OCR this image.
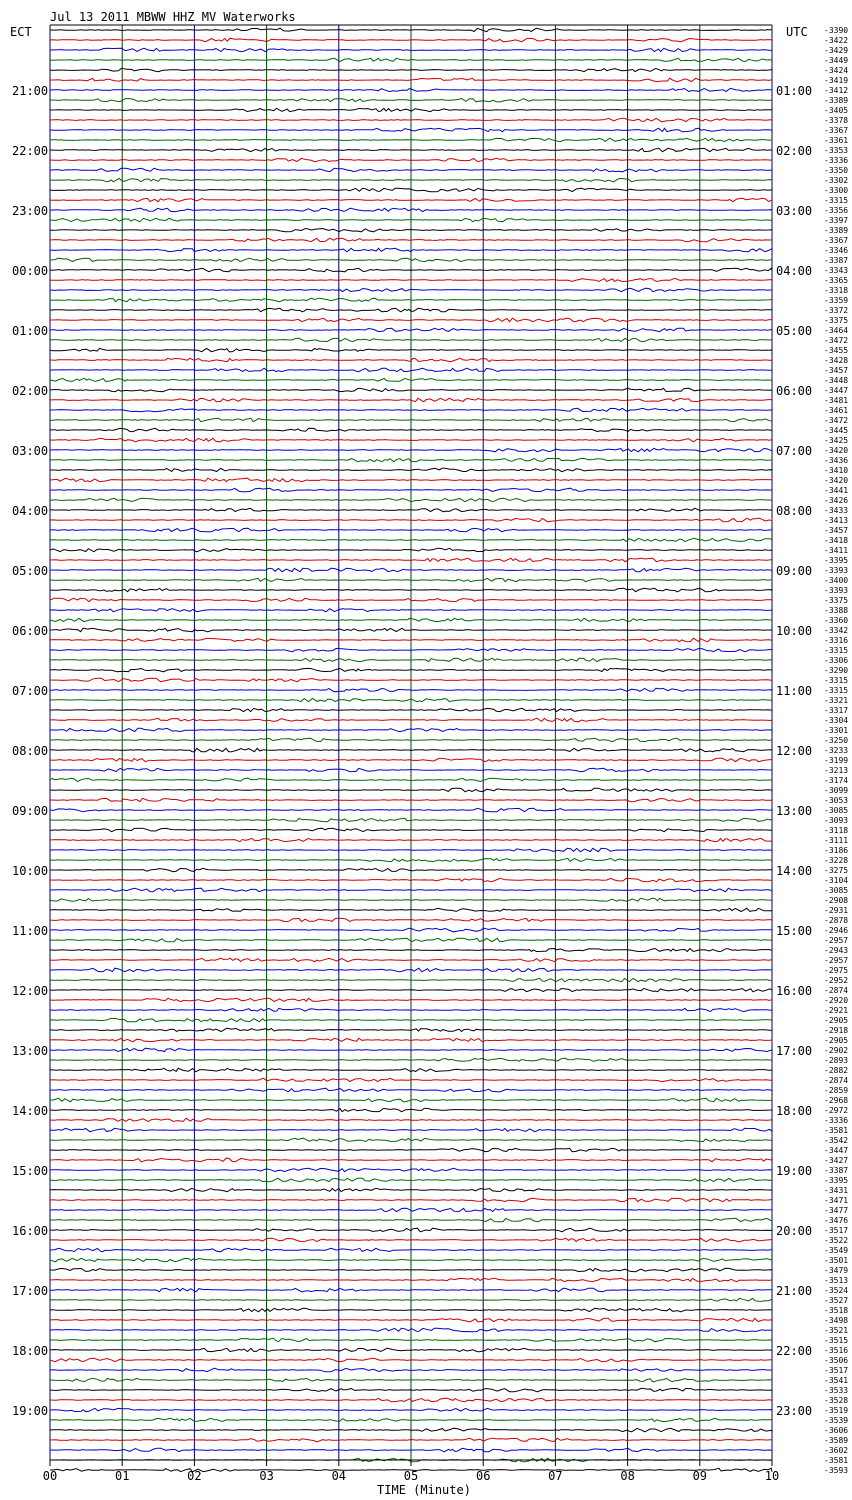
00	01	02	03	04	05	06	07	08	09	10
21:00
22:00
23:00
00:00
01:00
02:00
03:00
04:00
05:00
06:00
07:00
08:00
09:00
10:00
11:00
12:00
13:00
14:00
15:00
16:00
17:00
18:00
19:00
01:00
02:00
03:00
04:00
05:00
06:00
07:00
08:00
09:00
10:00
11:00
12:00
13:00
14:00
15:00
16:00
17:00
18:00
19:00
20:00
21:00
22:00
23:00
-3390
-3422
-3429
-3449
-3424
-3419
-3412
-3389
-3405
-3378
-3367
-3361
-3353
-3336
-3350
-3302
-3300
-3315
-3356
-3397
-3389
-3367
-3346
-3387
-3343
-3365
-3318
-3359
-3372
-3375
-3464
-3472
-3455
-3428
-3457
-3448
-3447
-3481
-3461
-3472
-3445
-3425
-3420
-3436
-3410
-3420
-3441
-3426
-3433
-3413
-3457
-3418
-3411
-3395
-3393
-3400
-3393
-3375
-3388
-3360
-3342
-3316
-3315
-3306
-3290
-3315
-3315
-3321
-3317
-3304
-3301
-3250
-3233
-3199
-3213
-3174
-3099
-3053
-3085
-3093
-3118
-3111
-3186
-3228
-3275
-3104
-3085
-2908
-2931
-2878
-2946
-2957
-2943
-2957
-2975
-2952
-2874
-2920
-2921
-2905
-2918
-2905
-2902
-2893
-2882
-2874
-2859
-2968
-2972
-3336
-3581
-3542
-3447
-3427
-3387
-3395
-3431
-3471
-3477
-3476
-3517
-3522
-3549
-3501
-3479
-3513
-3524
-3527
-3518
-3498
-3521
-3515
-3516
-3506
-3517
-3541
-3533
-3528
-3519
-3539
-3606
-3589
-3602
-3581
-3593
Jul 13 2011 MBWW HHZ MV Waterworks
ECT	UTC
TIME (Minute)
